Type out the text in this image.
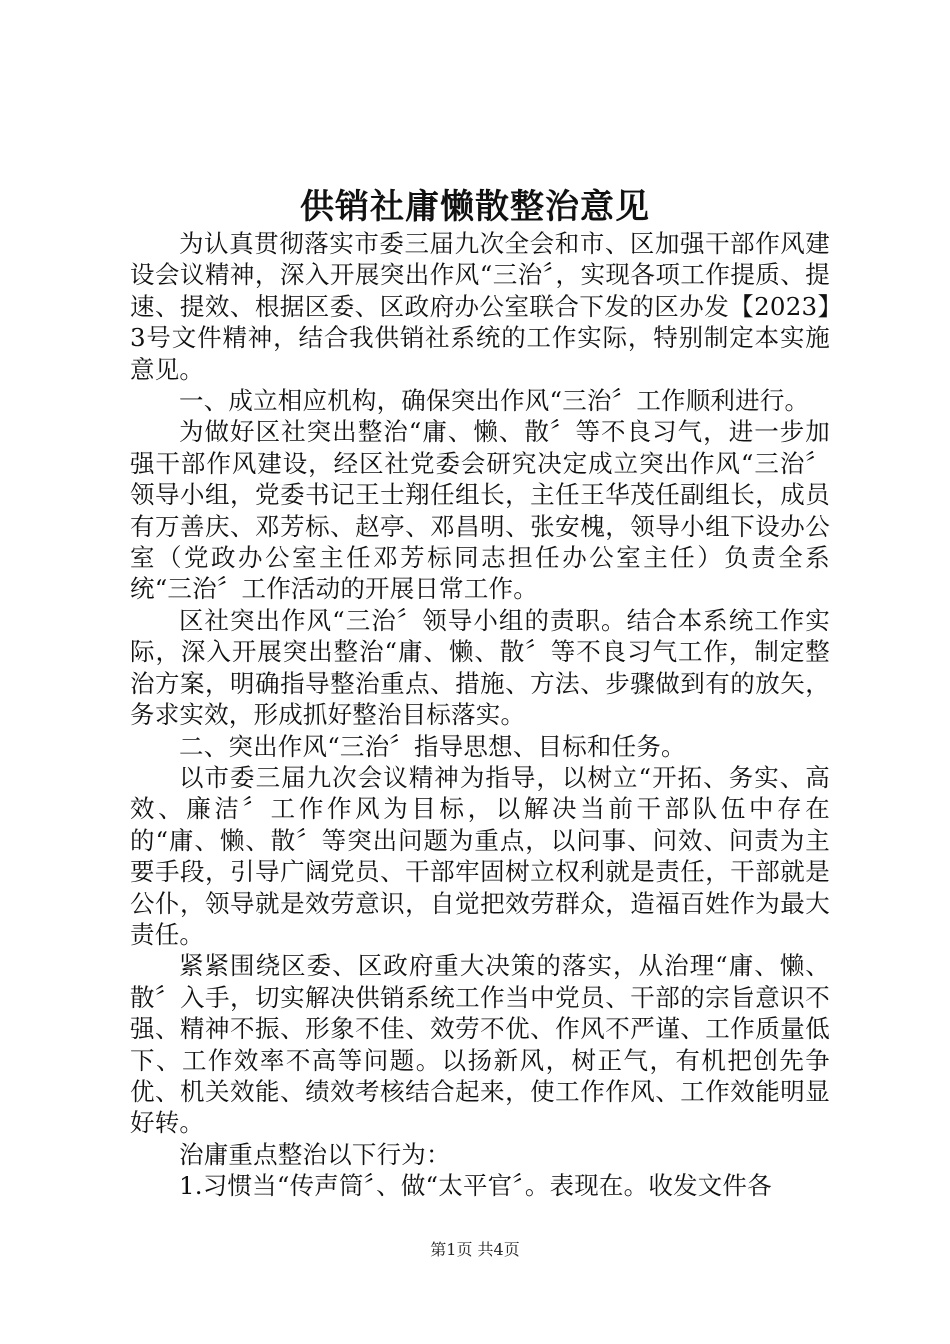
供销社庸懒散整治意见

为认真贯彻落实市委三届九次全会和市、区加强干部作风建设会议精神，深入开展突出作风“三治〞，实现各项工作提质、提速、提效、根据区委、区政府办公室联合下发的区办发【2023】3号文件精神，结合我供销社系统的工作实际，特别制定本实施意见。

一、成立相应机构，确保突出作风“三治〞工作顺利进行。

为做好区社突出整治“庸、懒、散〞等不良习气，进一步加强干部作风建设，经区社党委会研究决定成立突出作风“三治〞领导小组，党委书记王士翔任组长，主任王华茂任副组长，成员有万善庆、邓芳标、赵亭、邓昌明、张安槐，领导小组下设办公室（党政办公室主任邓芳标同志担任办公室主任）负责全系统“三治〞工作活动的开展日常工作。

区社突出作风“三治〞领导小组的责职。结合本系统工作实际，深入开展突出整治“庸、懒、散〞等不良习气工作，制定整治方案，明确指导整治重点、措施、方法、步骤做到有的放矢，务求实效，形成抓好整治目标落实。

二、突出作风“三治〞指导思想、目标和任务。

以市委三届九次会议精神为指导，以树立“开拓、务实、高效、廉洁〞工作作风为目标，以解决当前干部队伍中存在的“庸、懒、散〞等突出问题为重点，以问事、问效、问责为主要手段，引导广阔党员、干部牢固树立权利就是责任，干部就是公仆，领导就是效劳意识，自觉把效劳群众，造福百姓作为最大责任。

紧紧围绕区委、区政府重大决策的落实，从治理“庸、懒、散〞入手，切实解决供销系统工作当中党员、干部的宗旨意识不强、精神不振、形象不佳、效劳不优、作风不严谨、工作质量低下、工作效率不高等问题。以扬新风，树正气，有机把创先争优、机关效能、绩效考核结合起来，使工作作风、工作效能明显好转。

治庸重点整治以下行为：

1.习惯当“传声筒〞、做“太平官〞。表现在。收发文件各

第1页 共4页
